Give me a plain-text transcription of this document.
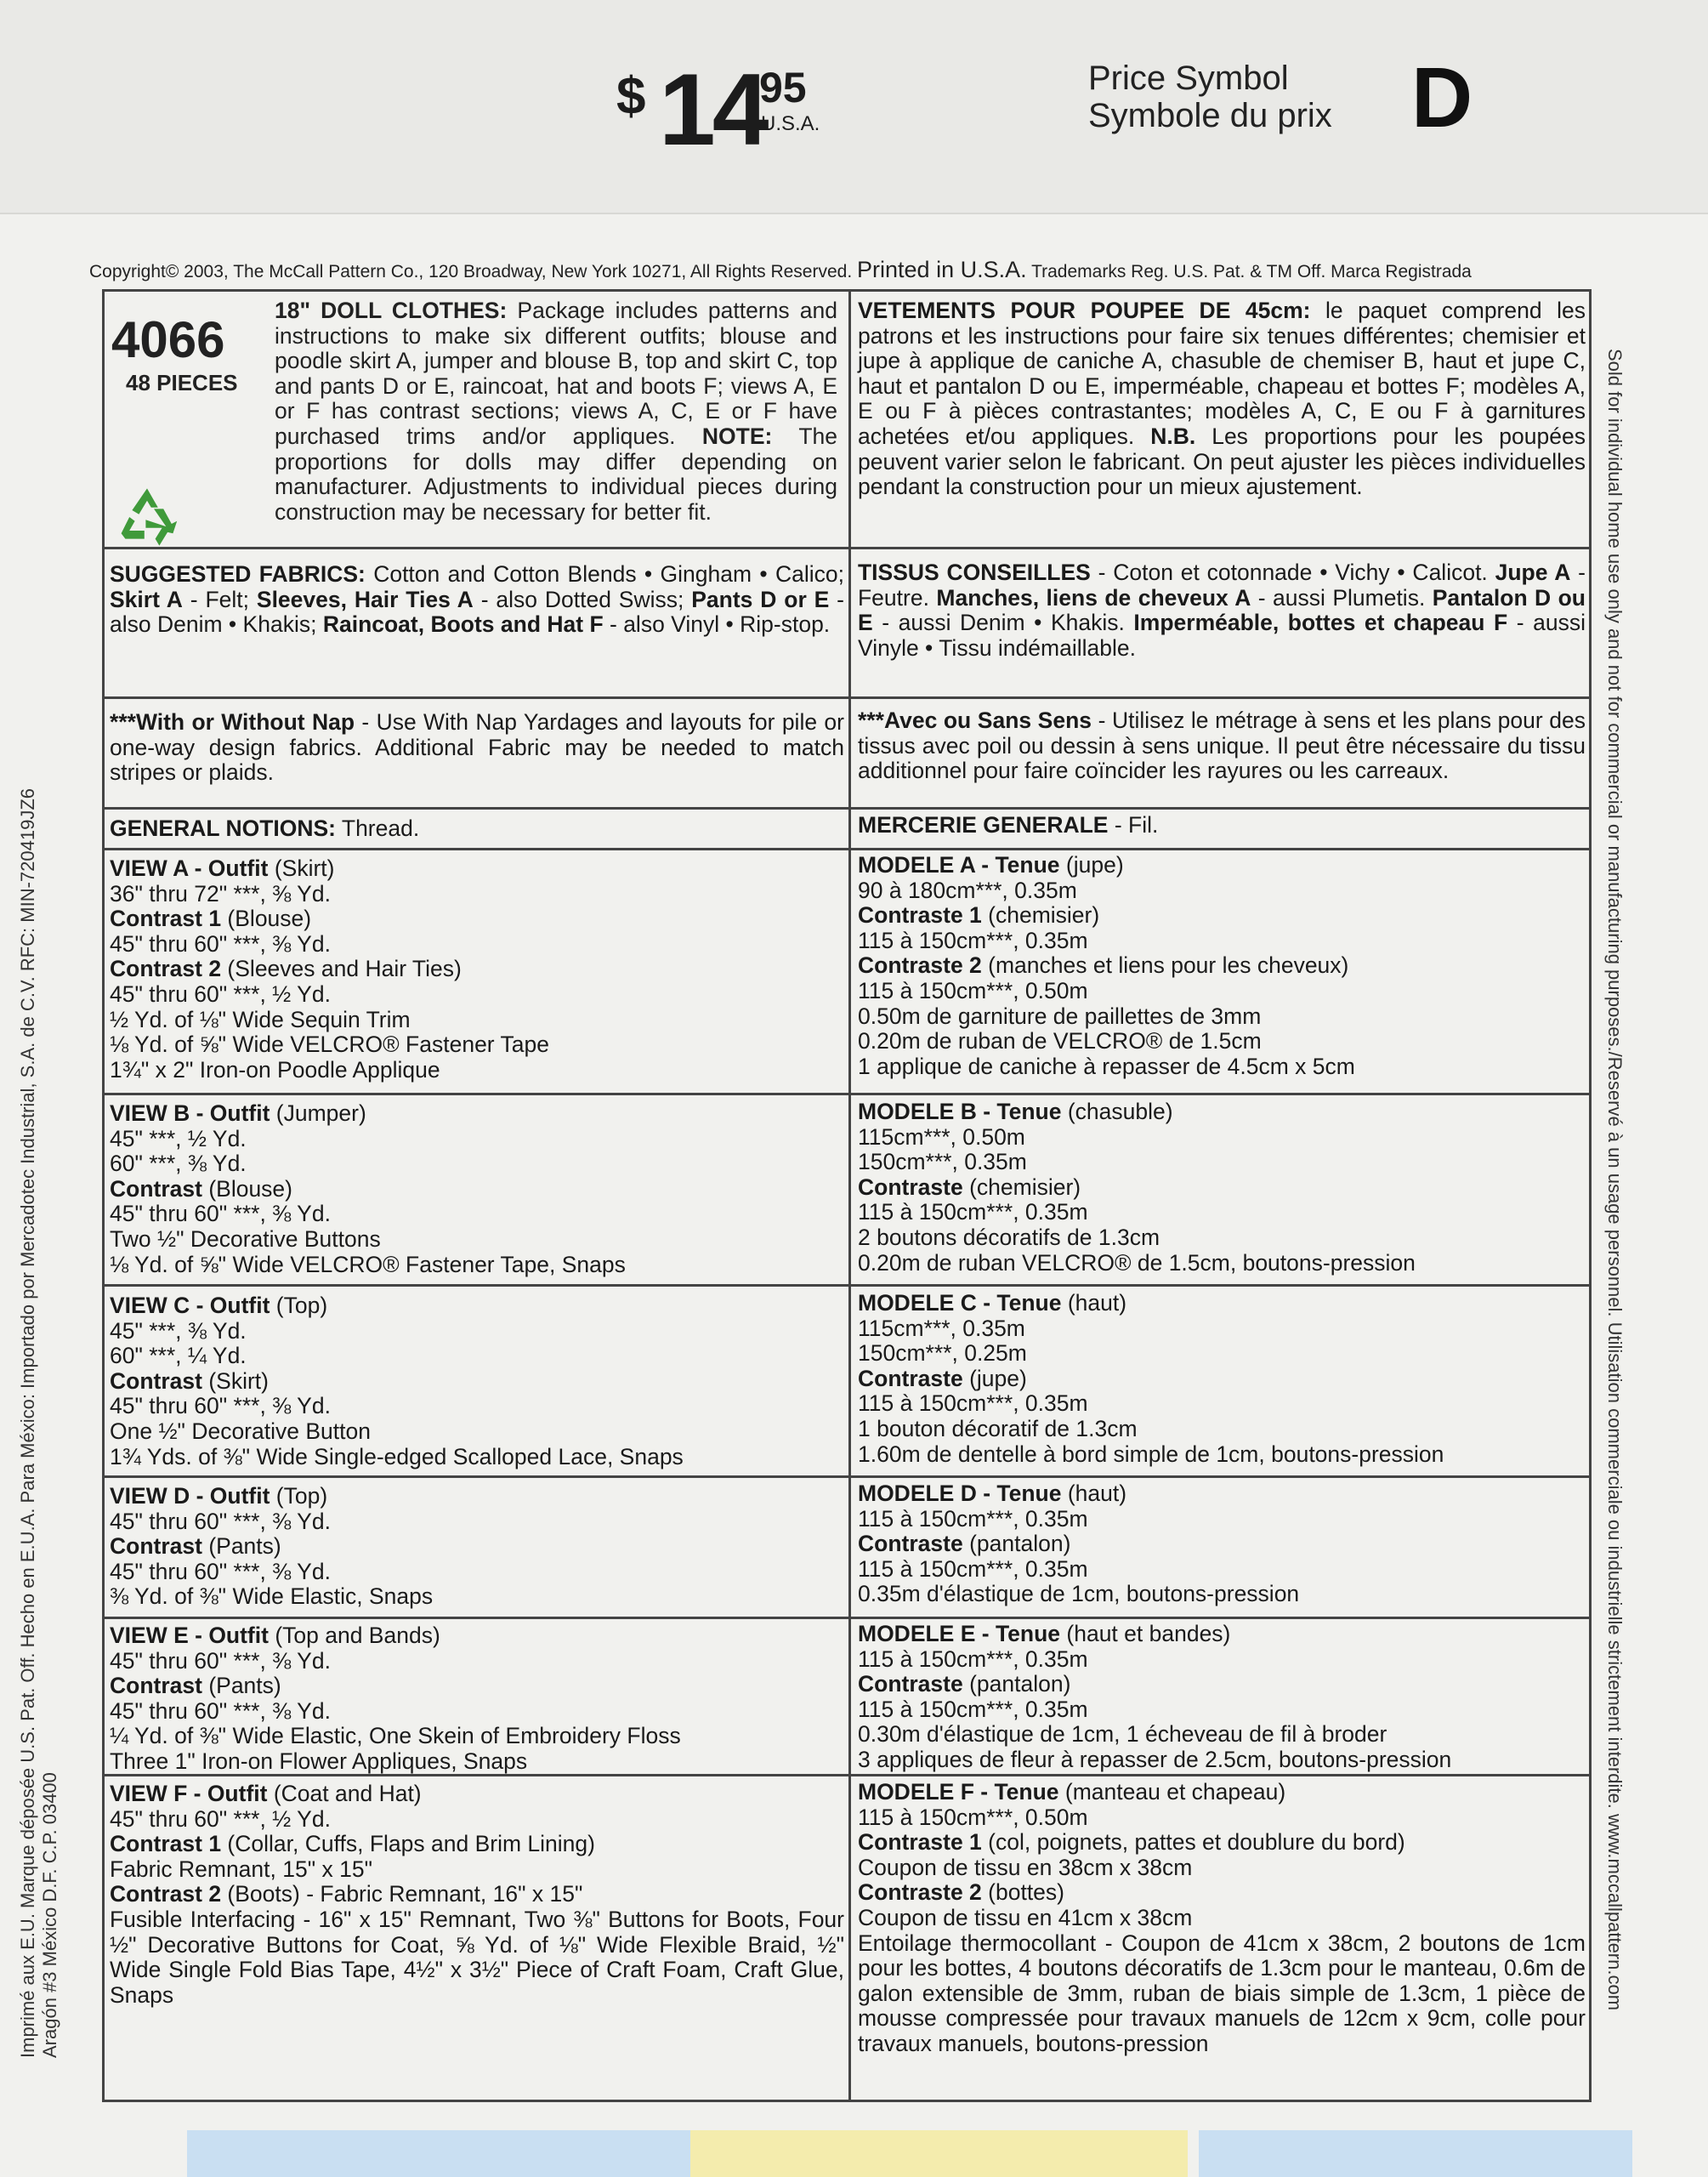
$ 14
95
U.S.A.
Price Symbol
Symbole du prix D
Copyright© 2003, The McCall Pattern Co., 120 Broadway, New York 10271, All Rights Reserved. Printed in U.S.A. Trademarks Reg. U.S. Pat. & TM Off. Marca Registrada
Imprimé aux E.U. Marque déposée U.S. Pat. Off. Hecho en E.U.A. Para México: Importado por Mercadotec Industrial, S.A. de C.V. RFC: MIN-720419JZ6 Aragón #3 México D.F. C.P. 03400	Sold for individual home use only and not for commercial or manufacturing purposes./Reservé à un usage personnel. Utilisation commerciale ou industrielle strictement interdite. www.mccallpattern.com
4066
48 PIECES
18" DOLL CLOTHES: Package includes patterns and instructions to make six different outfits; blouse and poodle skirt A, jumper and blouse B, top and skirt C, top and pants D or E, raincoat, hat and boots F; views A, E or F has contrast sections; views A, C, E or F have purchased trims and/or appliques. NOTE: The proportions for dolls may differ depending on manufacturer. Adjustments to individual pieces during construction may be necessary for better fit.
VETEMENTS POUR POUPEE DE 45cm: le paquet comprend les patrons et les instructions pour faire six tenues différentes; chemisier et jupe à applique de caniche A, chasuble de chemiser B, haut et jupe C, haut et pantalon D ou E, imperméable, chapeau et bottes F; modèles A, E ou F à pièces contrastantes; modèles A, C, E ou F à garnitures achetées et/ou appliques. N.B. Les proportions pour les poupées peuvent varier selon le fabricant. On peut ajuster les pièces individuelles pendant la construction pour un mieux ajustement.
SUGGESTED FABRICS: Cotton and Cotton Blends • Gingham • Calico; Skirt A - Felt; Sleeves, Hair Ties A - also Dotted Swiss; Pants D or E - also Denim • Khakis; Raincoat, Boots and Hat F - also Vinyl • Rip-stop.
TISSUS CONSEILLES - Coton et cotonnade • Vichy • Calicot. Jupe A - Feutre. Manches, liens de cheveux A - aussi Plumetis. Pantalon D ou E - aussi Denim • Khakis. Imperméable, bottes et chapeau F - aussi Vinyle • Tissu indémaillable.
***With or Without Nap - Use With Nap Yardages and layouts for pile or one-way design fabrics. Additional Fabric may be needed to match stripes or plaids.
***Avec ou Sans Sens - Utilisez le métrage à sens et les plans pour des tissus avec poil ou dessin à sens unique. Il peut être nécessaire du tissu additionnel pour faire coïncider les rayures ou les carreaux.
GENERAL NOTIONS: Thread.	MERCERIE GENERALE - Fil.
VIEW A - Outfit (Skirt)
36" thru 72" ***, ⅜ Yd.
Contrast 1 (Blouse)
45" thru 60" ***, ⅜ Yd.
Contrast 2 (Sleeves and Hair Ties)
45" thru 60" ***, ½ Yd.
½ Yd. of ⅛" Wide Sequin Trim
⅛ Yd. of ⅝" Wide VELCRO® Fastener Tape
1¾" x 2" Iron-on Poodle Applique
MODELE A - Tenue (jupe)
90 à 180cm***, 0.35m
Contraste 1 (chemisier)
115 à 150cm***, 0.35m
Contraste 2 (manches et liens pour les cheveux)
115 à 150cm***, 0.50m
0.50m de garniture de paillettes de 3mm
0.20m de ruban de VELCRO® de 1.5cm
1 applique de caniche à repasser de 4.5cm x 5cm
VIEW B - Outfit (Jumper)
45" ***, ½ Yd.
60" ***, ⅜ Yd.
Contrast (Blouse)
45" thru 60" ***, ⅜ Yd.
Two ½" Decorative Buttons
⅛ Yd. of ⅝" Wide VELCRO® Fastener Tape, Snaps
MODELE B - Tenue (chasuble)
115cm***, 0.50m
150cm***, 0.35m
Contraste (chemisier)
115 à 150cm***, 0.35m
2 boutons décoratifs de 1.3cm
0.20m de ruban VELCRO® de 1.5cm, boutons-pression
VIEW C - Outfit (Top)
45" ***, ⅜ Yd.
60" ***, ¼ Yd.
Contrast (Skirt)
45" thru 60" ***, ⅜ Yd.
One ½" Decorative Button
1¾ Yds. of ⅜" Wide Single-edged Scalloped Lace, Snaps
MODELE C - Tenue (haut)
115cm***, 0.35m
150cm***, 0.25m
Contraste (jupe)
115 à 150cm***, 0.35m
1 bouton décoratif de 1.3cm
1.60m de dentelle à bord simple de 1cm, boutons-pression
VIEW D - Outfit (Top)
45" thru 60" ***, ⅜ Yd.
Contrast (Pants)
45" thru 60" ***, ⅜ Yd.
⅜ Yd. of ⅜" Wide Elastic, Snaps
MODELE D - Tenue (haut)
115 à 150cm***, 0.35m
Contraste (pantalon)
115 à 150cm***, 0.35m
0.35m d'élastique de 1cm, boutons-pression
VIEW E - Outfit (Top and Bands)
45" thru 60" ***, ⅜ Yd.
Contrast (Pants)
45" thru 60" ***, ⅜ Yd.
¼ Yd. of ⅜" Wide Elastic, One Skein of Embroidery Floss
Three 1" Iron-on Flower Appliques, Snaps
MODELE E - Tenue (haut et bandes)
115 à 150cm***, 0.35m
Contraste (pantalon)
115 à 150cm***, 0.35m
0.30m d'élastique de 1cm, 1 écheveau de fil à broder
3 appliques de fleur à repasser de 2.5cm, boutons-pression
VIEW F - Outfit (Coat and Hat)
45" thru 60" ***, ½ Yd.
Contrast 1 (Collar, Cuffs, Flaps and Brim Lining)
Fabric Remnant, 15" x 15"
Contrast 2 (Boots) - Fabric Remnant, 16" x 15"
Fusible Interfacing - 16" x 15" Remnant, Two ⅜" Buttons for Boots, Four ½" Decorative Buttons for Coat, ⅝ Yd. of ⅛" Wide Flexible Braid, ½" Wide Single Fold Bias Tape, 4½" x 3½" Piece of Craft Foam, Craft Glue, Snaps
MODELE F - Tenue (manteau et chapeau)
115 à 150cm***, 0.50m
Contraste 1 (col, poignets, pattes et doublure du bord)
Coupon de tissu en 38cm x 38cm
Contraste 2 (bottes)
Coupon de tissu en 41cm x 38cm
Entoilage thermocollant - Coupon de 41cm x 38cm, 2 boutons de 1cm pour les bottes, 4 boutons décoratifs de 1.3cm pour le manteau, 0.6m de galon extensible de 3mm, ruban de biais simple de 1.3cm, 1 pièce de mousse compressée pour travaux manuels de 12cm x 9cm, colle pour travaux manuels, boutons-pression
